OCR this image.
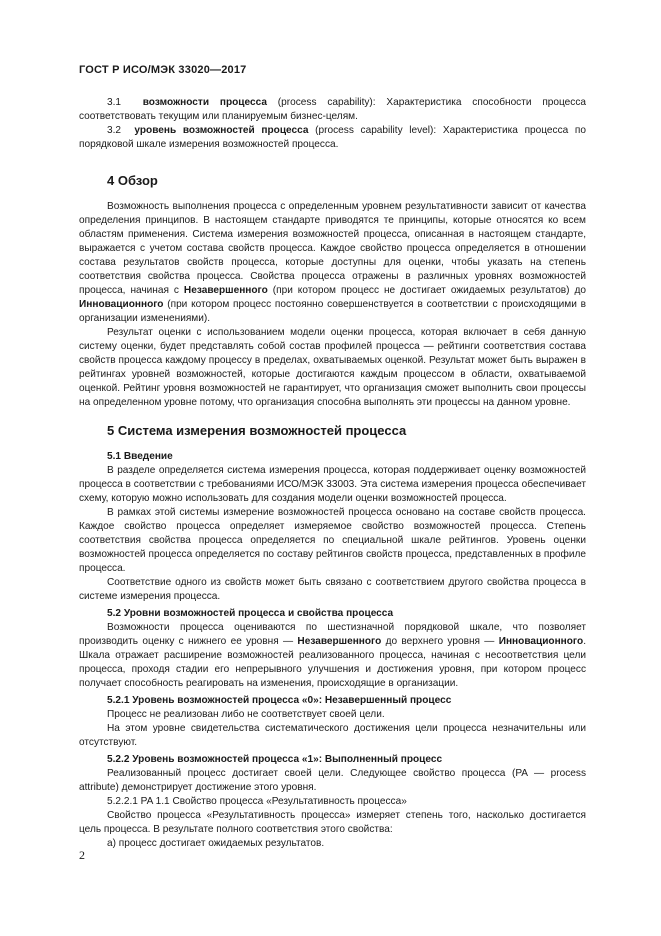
ГОСТ Р ИСО/МЭК 33020—2017

3.1 возможности процесса (process capability): Характеристика способности процесса соответствовать текущим или планируемым бизнес-целям.

3.2 уровень возможностей процесса (process capability level): Характеристика процесса по порядковой шкале измерения возможностей процесса.

4 Обзор

Возможность выполнения процесса с определенным уровнем результативности зависит от качества определения принципов. В настоящем стандарте приводятся те принципы, которые относятся ко всем областям применения. Система измерения возможностей процесса, описанная в настоящем стандарте, выражается с учетом состава свойств процесса. Каждое свойство процесса определяется в отношении состава результатов свойств процесса, которые доступны для оценки, чтобы указать на степень соответствия свойства процесса. Свойства процесса отражены в различных уровнях возможностей процесса, начиная с Незавершенного (при котором процесс не достигает ожидаемых результатов) до Инновационного (при котором процесс постоянно совершенствуется в соответствии с происходящими в организации изменениями).

Результат оценки с использованием модели оценки процесса, которая включает в себя данную систему оценки, будет представлять собой состав профилей процесса — рейтинги соответствия состава свойств процесса каждому процессу в пределах, охватываемых оценкой. Результат может быть выражен в рейтингах уровней возможностей, которые достигаются каждым процессом в области, охватываемой оценкой. Рейтинг уровня возможностей не гарантирует, что организация сможет выполнить свои процессы на определенном уровне потому, что организация способна выполнять эти процессы на данном уровне.

5 Система измерения возможностей процесса

5.1 Введение

В разделе определяется система измерения процесса, которая поддерживает оценку возможностей процесса в соответствии с требованиями ИСО/МЭК 33003. Эта система измерения процесса обеспечивает схему, которую можно использовать для создания модели оценки возможностей процесса.

В рамках этой системы измерение возможностей процесса основано на составе свойств процесса. Каждое свойство процесса определяет измеряемое свойство возможностей процесса. Степень соответствия свойства процесса определяется по специальной шкале рейтингов. Уровень оценки возможностей процесса определяется по составу рейтингов свойств процесса, представленных в профиле процесса.

Соответствие одного из свойств может быть связано с соответствием другого свойства процесса в системе измерения процесса.

5.2 Уровни возможностей процесса и свойства процесса

Возможности процесса оцениваются по шестизначной порядковой шкале, что позволяет производить оценку с нижнего ее уровня — Незавершенного до верхнего уровня — Инновационного. Шкала отражает расширение возможностей реализованного процесса, начиная с несоответствия цели процесса, проходя стадии его непрерывного улучшения и достижения уровня, при котором процесс получает способность реагировать на изменения, происходящие в организации.

5.2.1 Уровень возможностей процесса «0»: Незавершенный процесс

Процесс не реализован либо не соответствует своей цели.

На этом уровне свидетельства систематического достижения цели процесса незначительны или отсутствуют.

5.2.2 Уровень возможностей процесса «1»: Выполненный процесс

Реализованный процесс достигает своей цели. Следующее свойство процесса (PA — process attribute) демонстрирует достижение этого уровня.

5.2.2.1 PA 1.1 Свойство процесса «Результативность процесса»

Свойство процесса «Результативность процесса» измеряет степень того, насколько достигается цель процесса. В результате полного соответствия этого свойства:

а) процесс достигает ожидаемых результатов.

2
